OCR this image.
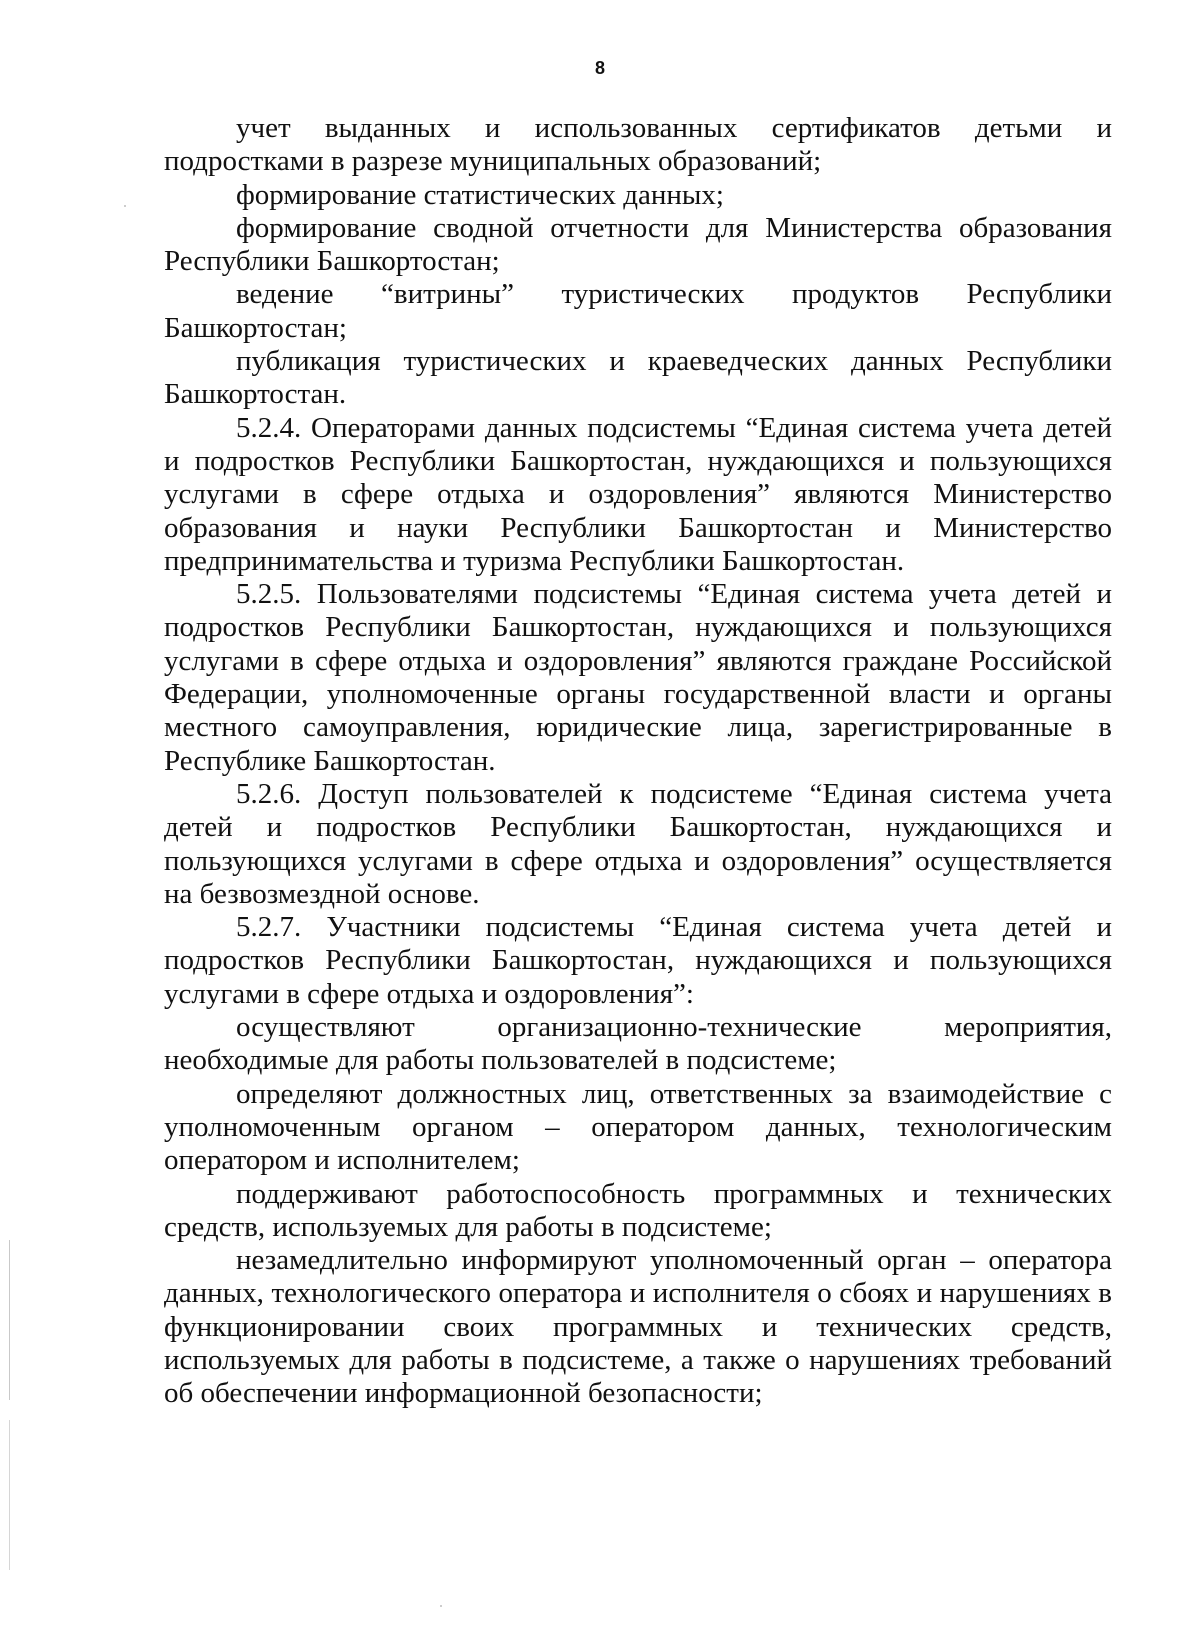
8

учет выданных и использованных сертификатов детьми и подростками в разрезе муниципальных образований;

формирование статистических данных;

формирование сводной отчетности для Министерства образования Республики Башкортостан;

ведение “витрины” туристических продуктов Республики Башкортостан;

публикация туристических и краеведческих данных Республики Башкортостан.

5.2.4. Операторами данных подсистемы “Единая система учета детей и подростков Республики Башкортостан, нуждающихся и пользующихся услугами в сфере отдыха и оздоровления” являются Министерство образования и науки Республики Башкортостан и Министерство предпринимательства и туризма Республики Башкортостан.

5.2.5. Пользователями подсистемы “Единая система учета детей и подростков Республики Башкортостан, нуждающихся и пользующихся услугами в сфере отдыха и оздоровления” являются граждане Российской Федерации, уполномоченные органы государственной власти и органы местного самоуправления, юридические лица, зарегистрированные в Республике Башкортостан.

5.2.6. Доступ пользователей к подсистеме “Единая система учета детей и подростков Республики Башкортостан, нуждающихся и пользующихся услугами в сфере отдыха и оздоровления” осуществляется на безвозмездной основе.

5.2.7. Участники подсистемы “Единая система учета детей и подростков Республики Башкортостан, нуждающихся и пользующихся услугами в сфере отдыха и оздоровления”:

осуществляют организационно-технические мероприятия, необходимые для работы пользователей в подсистеме;

определяют должностных лиц, ответственных за взаимодействие с уполномоченным органом – оператором данных, технологическим оператором и исполнителем;

поддерживают работоспособность программных и технических средств, используемых для работы в подсистеме;

незамедлительно информируют уполномоченный орган – оператора данных, технологического оператора и исполнителя о сбоях и нарушениях в функционировании своих программных и технических средств, используемых для работы в подсистеме, а также о нарушениях требований об обеспечении информационной безопасности;
